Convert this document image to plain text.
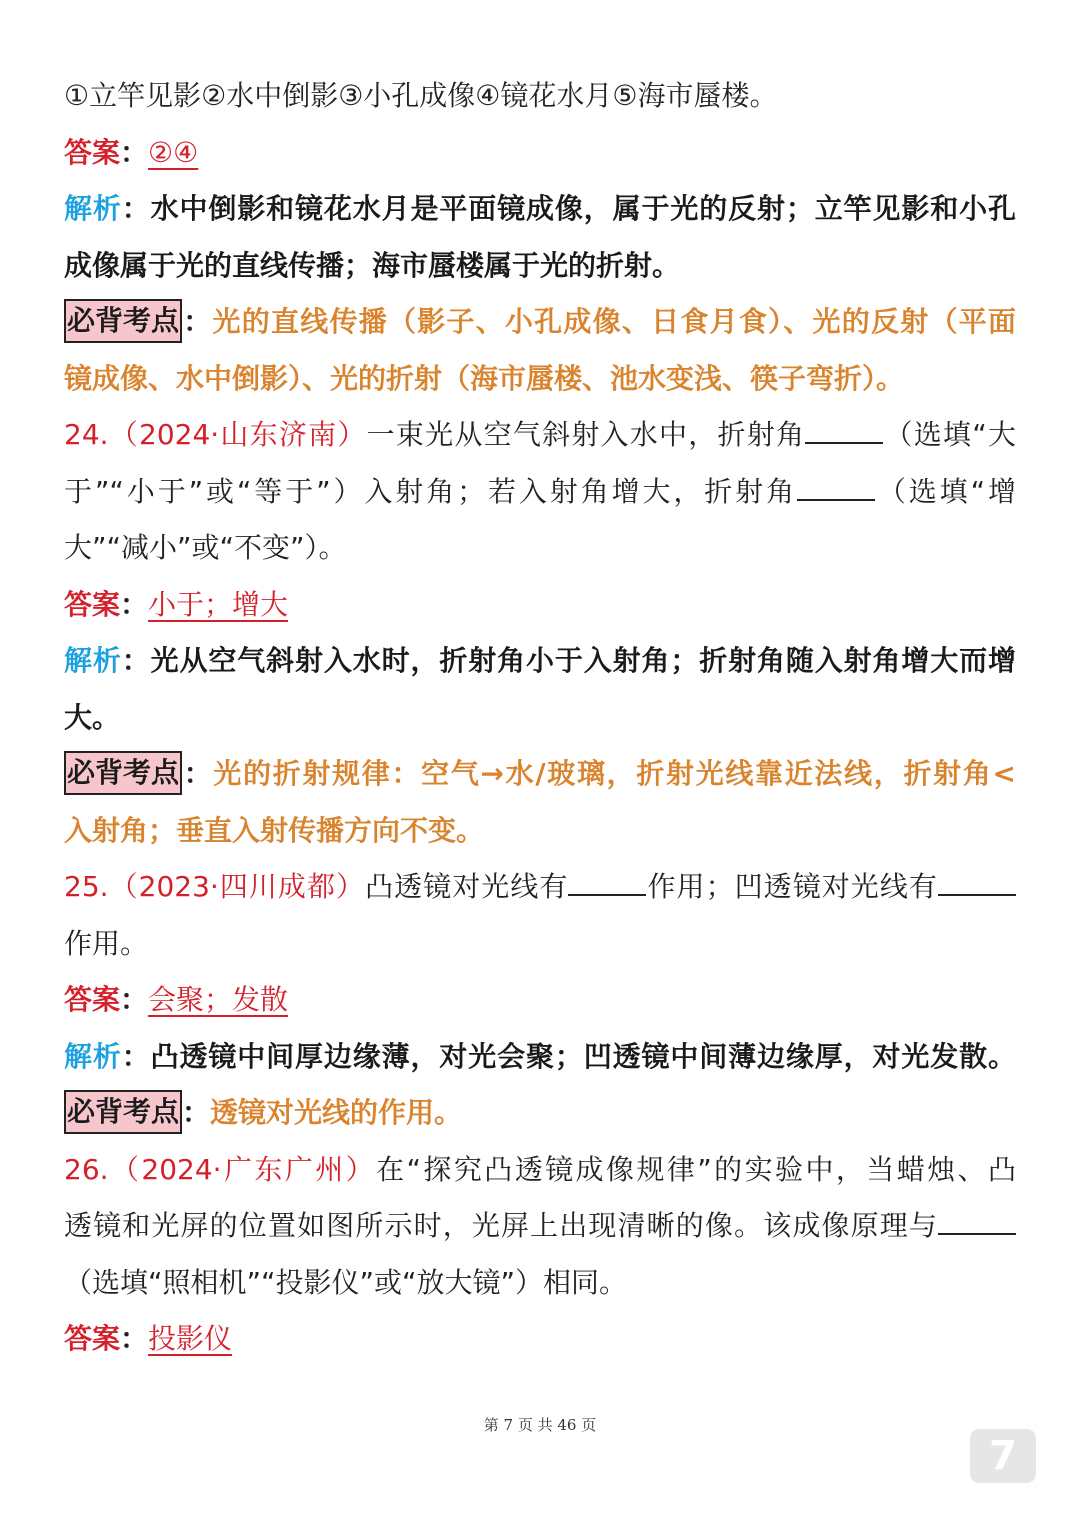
①立竿见影②水中倒影③小孔成像④镜花水月⑤海市蜃楼。
答案：②④
解析：水中倒影和镜花水月是平面镜成像，属于光的反射；立竿见影和小孔
成像属于光的直线传播；海市蜃楼属于光的折射。
必背考点 ：光的直线传播（影子、小孔成像、日食月食）、光的反射（平面
镜成像、水中倒影）、光的折射（海市蜃楼、池水变浅、筷子弯折）。
24.（2024·山东济南）一束光从空气斜射入水中，折射角	（选填“大
于”“小于”或“等于”）入射角；若入射角增大，折射角	（选填“增
大”“减小”或“不变”）。
答案：小于；增大
解析：光从空气斜射入水时，折射角小于入射角；折射角随入射角增大而增
大。
必背考点 ：光的折射规律：空气→水/玻璃，折射光线靠近法线，折射角<
入射角；垂直入射传播方向不变。
25.（2023·四川成都）凸透镜对光线有	作用；凹透镜对光线有
作用。
答案：会聚；发散
解析：凸透镜中间厚边缘薄，对光会聚；凹透镜中间薄边缘厚，对光发散。
必背考点 ：透镜对光线的作用。
26.（2024·广东广州）在“探究凸透镜成像规律”的实验中，当蜡烛、凸
透镜和光屏的位置如图所示时，光屏上出现清晰的像。该成像原理与
（选填“照相机”“投影仪”或“放大镜”）相同。
答案：投影仪
第 7 页 共 46 页
7
